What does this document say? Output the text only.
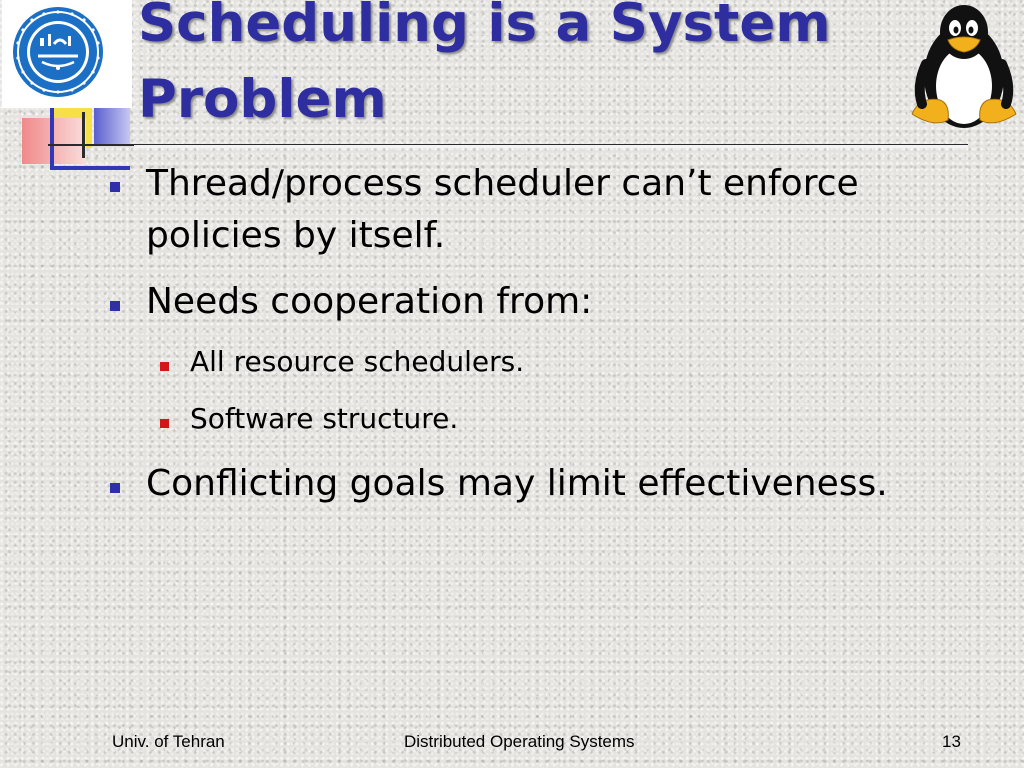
Scheduling is a System Problem
Thread/process scheduler can’t enforce policies by itself.
Needs cooperation from:
All resource schedulers.
Software structure.
Conflicting goals may limit effectiveness.
Univ. of Tehran	Distributed Operating Systems	13
